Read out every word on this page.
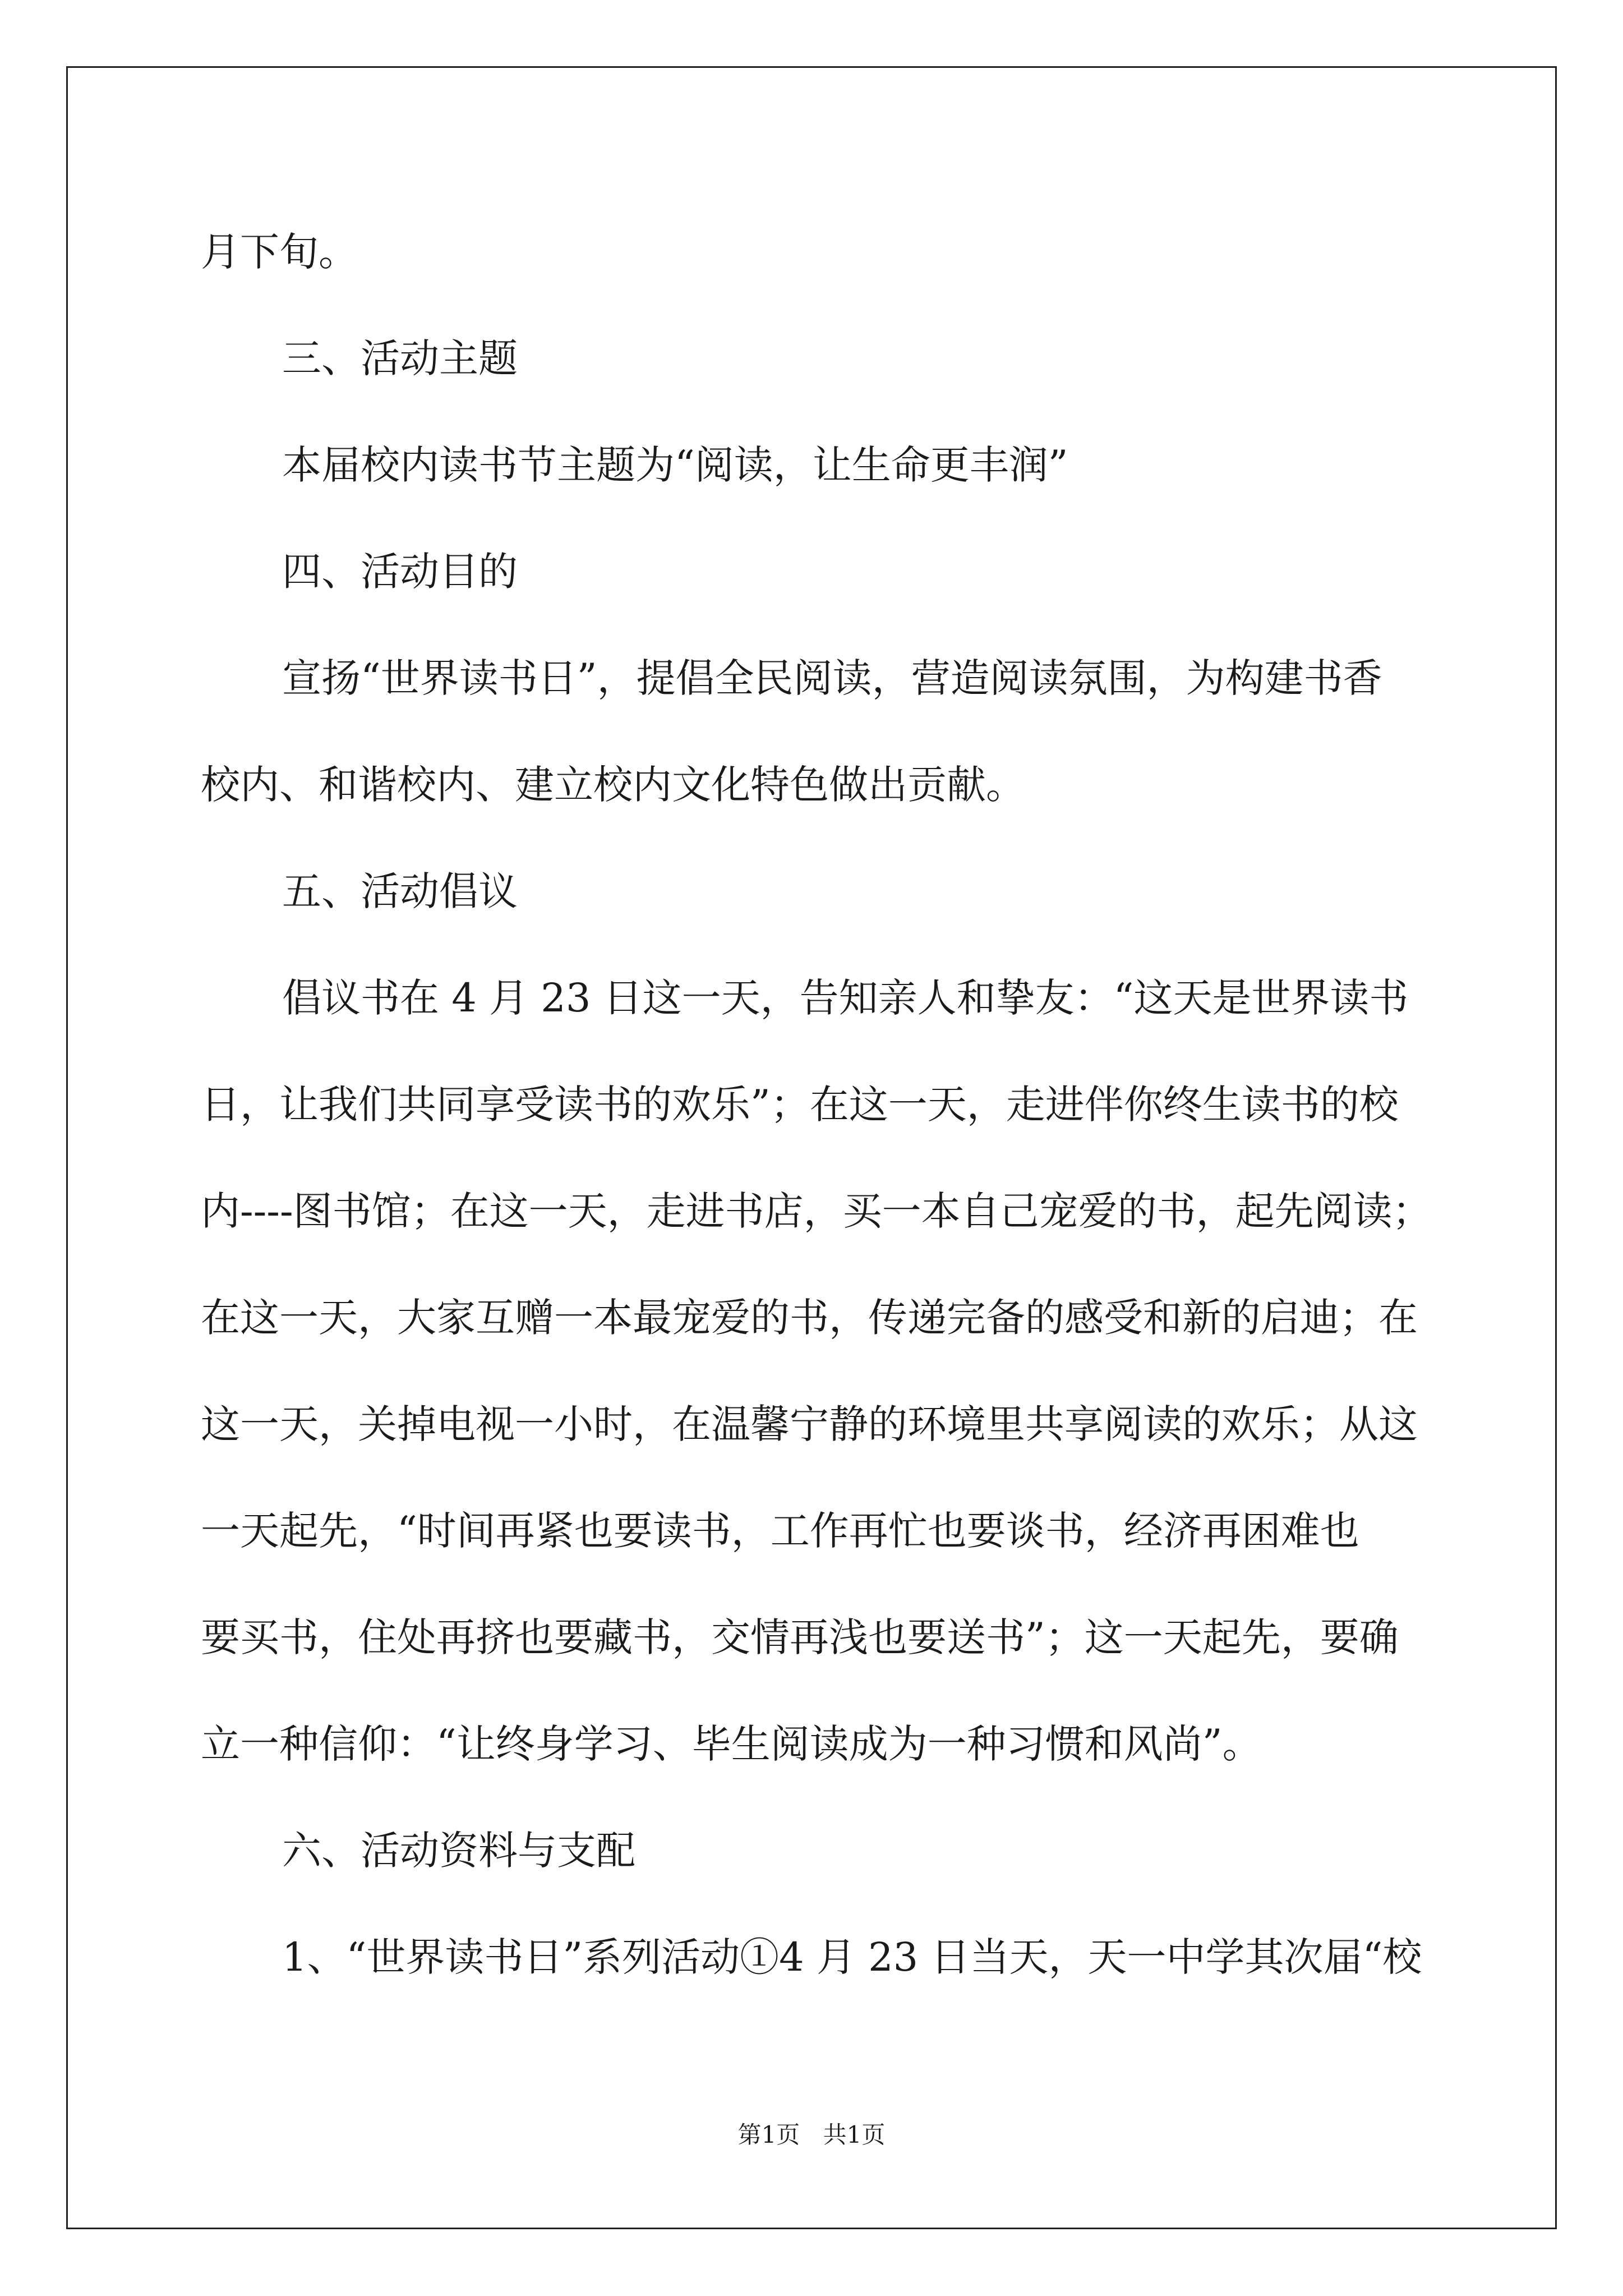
月下旬。
三、活动主题
本届校内读书节主题为“阅读，让生命更丰润”
四、活动目的
宣扬“世界读书日”，提倡全民阅读，营造阅读氛围，为构建书香
校内、和谐校内、建立校内文化特色做出贡献。
五、活动倡议
倡议书在 4 月 23 日这一天，告知亲人和挚友：“这天是世界读书
日，让我们共同享受读书的欢乐”；在这一天，走进伴你终生读书的校
内----图书馆；在这一天，走进书店，买一本自己宠爱的书，起先阅读；
在这一天，大家互赠一本最宠爱的书，传递完备的感受和新的启迪；在
这一天，关掉电视一小时，在温馨宁静的环境里共享阅读的欢乐；从这
一天起先，“时间再紧也要读书，工作再忙也要谈书，经济再困难也
要买书，住处再挤也要藏书，交情再浅也要送书”；这一天起先，要确
立一种信仰：“让终身学习、毕生阅读成为一种习惯和风尚”。
六、活动资料与支配
1、“世界读书日”系列活动①4 月 23 日当天，天一中学其次届“校
第1页 共1页
